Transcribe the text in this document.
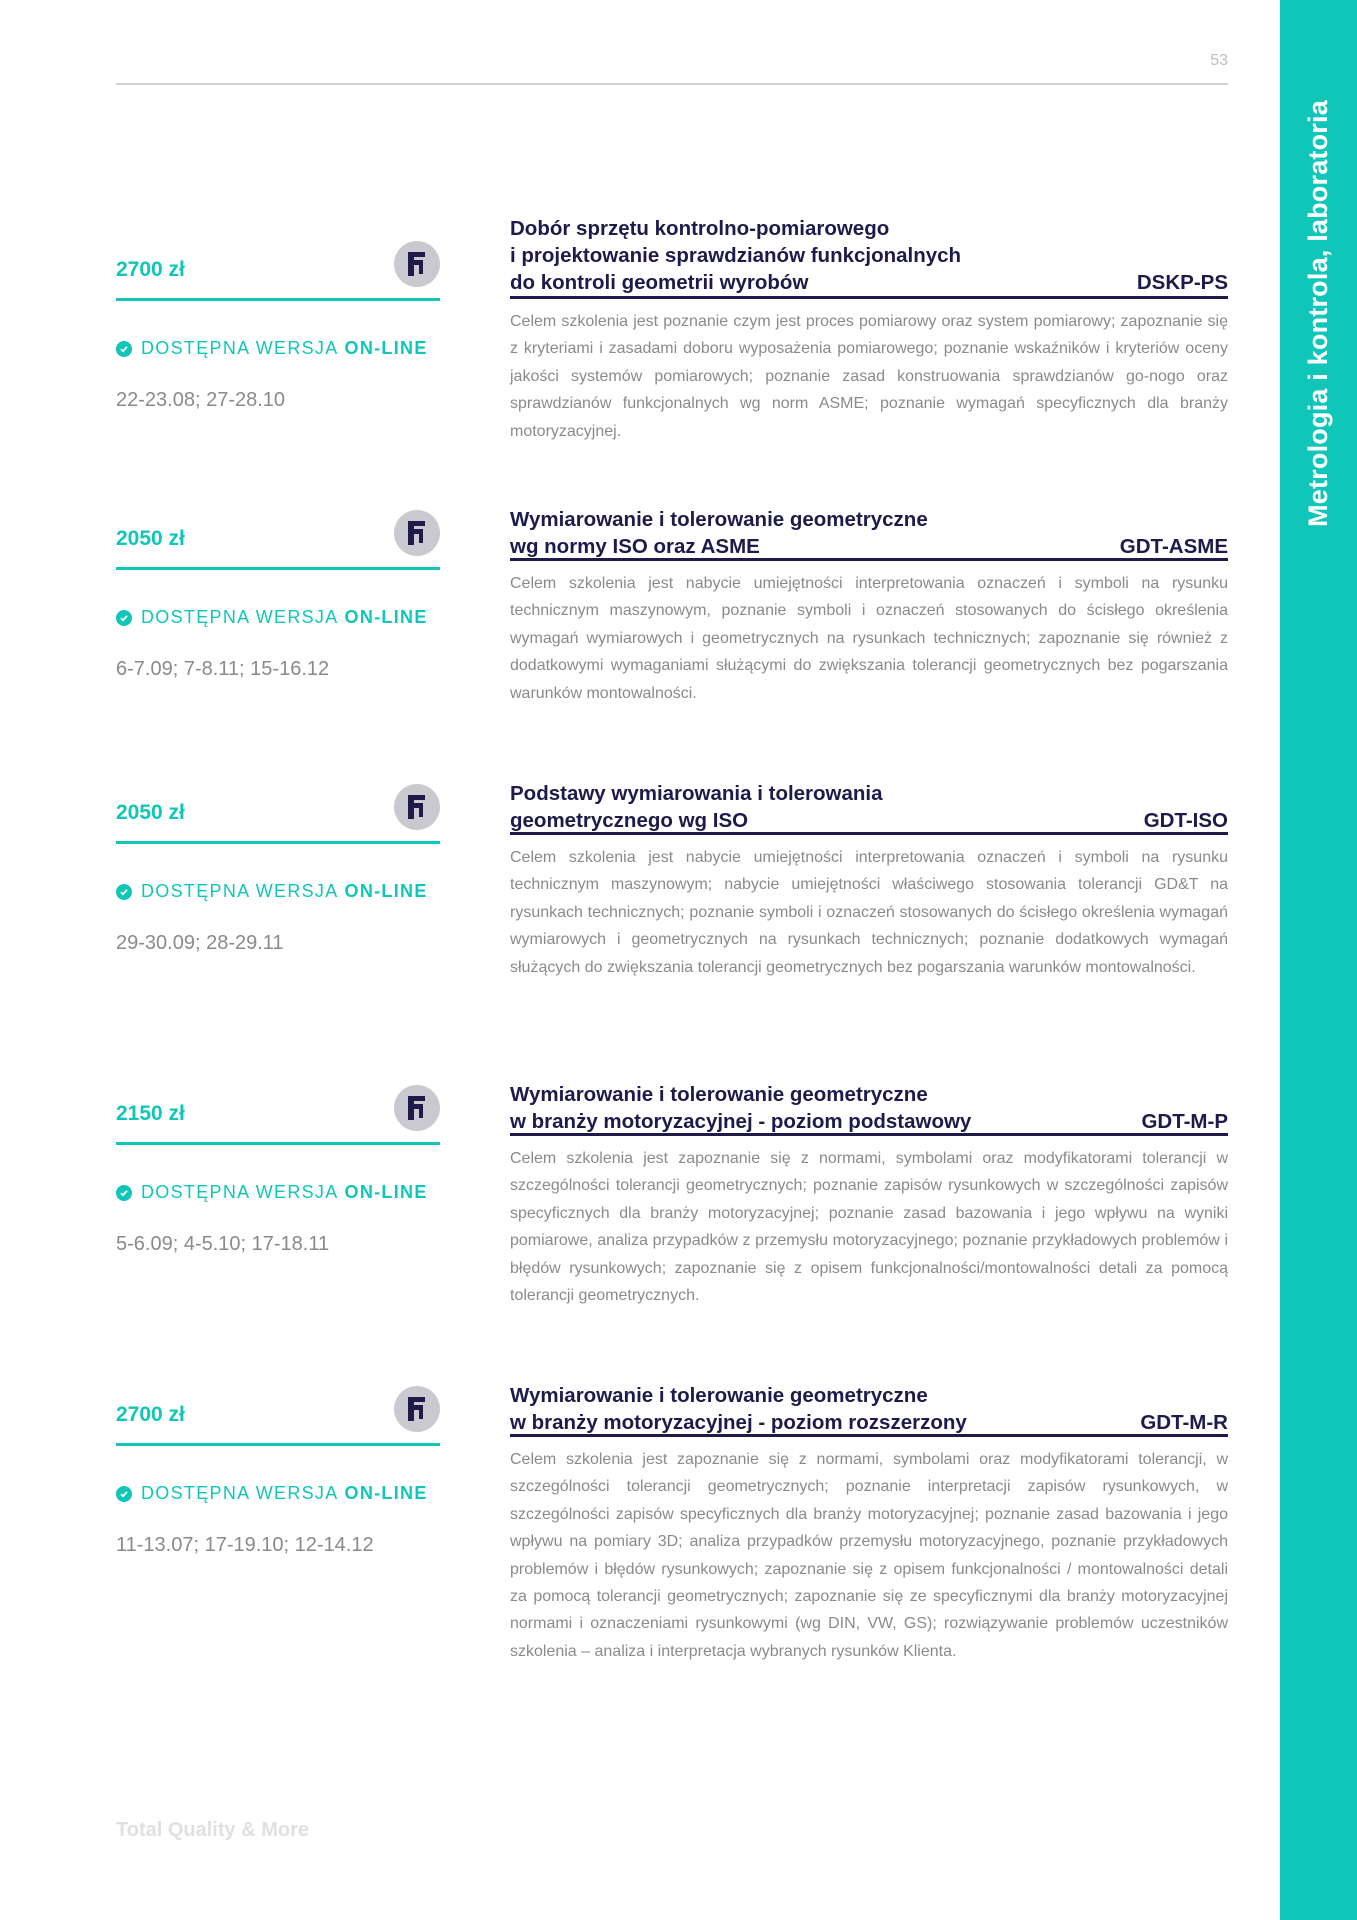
Metrologia i kontrola, laboratoria
53
2700 zł
DOSTĘPNA WERSJA ON-LINE
22-23.08; 27-28.10
Dobór sprzętu kontrolno-pomiarowego
i projektowanie sprawdzianów funkcjonalnych
do kontroli geometrii wyrobów	DSKP-PS
Celem szkolenia jest poznanie czym jest proces pomiarowy oraz system pomiarowy; zapoznanie się z kryteriami i zasadami doboru wyposażenia pomiarowego; poznanie wskaźników i kryteriów oceny jakości systemów pomiarowych; poznanie zasad konstruowania sprawdzianów go-nogo oraz sprawdzianów funkcjonalnych wg norm ASME; poznanie wymagań specyficznych dla branży motoryzacyjnej.
2050 zł
DOSTĘPNA WERSJA ON-LINE
6-7.09; 7-8.11; 15-16.12
Wymiarowanie i tolerowanie geometryczne
wg normy ISO oraz ASME	GDT-ASME
Celem szkolenia jest nabycie umiejętności interpretowania oznaczeń i symboli na rysunku technicznym maszynowym, poznanie symboli i oznaczeń stosowanych do ścisłego określenia wymagań wymiarowych i geometrycznych na rysunkach technicznych; zapoznanie się również z dodatkowymi wymaganiami służącymi do zwiększania tolerancji geometrycznych bez pogarszania warunków montowalności.
2050 zł
DOSTĘPNA WERSJA ON-LINE
29-30.09; 28-29.11
Podstawy wymiarowania i tolerowania
geometrycznego wg ISO	GDT-ISO
Celem szkolenia jest nabycie umiejętności interpretowania oznaczeń i symboli na rysunku technicznym maszynowym; nabycie umiejętności właściwego stosowania tolerancji GD&T na rysunkach technicznych; poznanie symboli i oznaczeń stosowanych do ścisłego określenia wymagań wymiarowych i geometrycznych na rysunkach technicznych; poznanie dodatkowych wymagań służących do zwiększania tolerancji geometrycznych bez pogarszania warunków montowalności.
2150 zł
DOSTĘPNA WERSJA ON-LINE
5-6.09; 4-5.10; 17-18.11
Wymiarowanie i tolerowanie geometryczne
w branży motoryzacyjnej - poziom podstawowy	GDT-M-P
Celem szkolenia jest zapoznanie się z normami, symbolami oraz modyfikatorami tolerancji w szczególności tolerancji geometrycznych; poznanie zapisów rysunkowych w szczególności zapisów specyficznych dla branży motoryzacyjnej; poznanie zasad bazowania i jego wpływu na wyniki pomiarowe, analiza przypadków z przemysłu motoryzacyjnego; poznanie przykładowych problemów i błędów rysunkowych; zapoznanie się z opisem funkcjonalności/montowalności detali za pomocą tolerancji geometrycznych.
2700 zł
DOSTĘPNA WERSJA ON-LINE
11-13.07; 17-19.10; 12-14.12
Wymiarowanie i tolerowanie geometryczne
w branży motoryzacyjnej - poziom rozszerzony	GDT-M-R
Celem szkolenia jest zapoznanie się z normami, symbolami oraz modyfikatorami tolerancji, w szczególności tolerancji geometrycznych; poznanie interpretacji zapisów rysunkowych, w szczególności zapisów specyficznych dla branży motoryzacyjnej; poznanie zasad bazowania i jego wpływu na pomiary 3D; analiza przypadków przemysłu motoryzacyjnego, poznanie przykładowych problemów i błędów rysunkowych; zapoznanie się z opisem funkcjonalności / montowalności detali za pomocą tolerancji geometrycznych; zapoznanie się ze specyficznymi dla branży motoryzacyjnej normami i oznaczeniami rysunkowymi (wg DIN, VW, GS); rozwiązywanie problemów uczestników szkolenia – analiza i interpretacja wybranych rysunków Klienta.
Total Quality & More
